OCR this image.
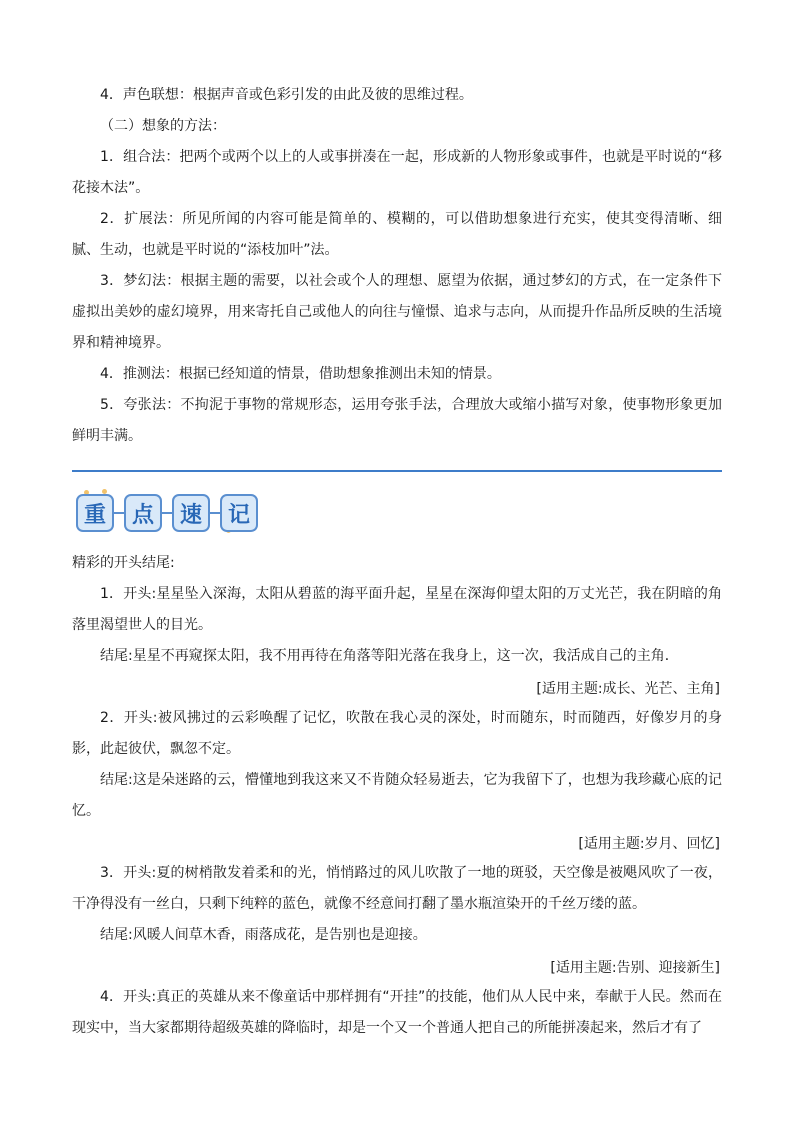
4．声色联想：根据声音或色彩引发的由此及彼的思维过程。

（二）想象的方法：

1．组合法：把两个或两个以上的人或事拼凑在一起，形成新的人物形象或事件，也就是平时说的“移花接木法”。

2．扩展法：所见所闻的内容可能是简单的、模糊的，可以借助想象进行充实，使其变得清晰、细腻、生动，也就是平时说的“添枝加叶”法。

3．梦幻法：根据主题的需要，以社会或个人的理想、愿望为依据，通过梦幻的方式，在一定条件下虚拟出美妙的虚幻境界，用来寄托自己或他人的向往与憧憬、追求与志向，从而提升作品所反映的生活境界和精神境界。

4．推测法：根据已经知道的情景，借助想象推测出未知的情景。

5．夸张法：不拘泥于事物的常规形态，运用夸张手法，合理放大或缩小描写对象，使事物形象更加鲜明丰满。

重	点	速	记

精彩的开头结尾:

1．开头:星星坠入深海，太阳从碧蓝的海平面升起，星星在深海仰望太阳的万丈光芒，我在阴暗的角落里渴望世人的目光。

结尾:星星不再窥探太阳，我不用再待在角落等阳光落在我身上，这一次，我活成自己的主角．

[适用主题:成长、光芒、主角]

2．开头:被风拂过的云彩唤醒了记忆，吹散在我心灵的深处，时而随东，时而随西，好像岁月的身影，此起彼伏，飘忽不定。

结尾:这是朵迷路的云，懵懂地到我这来又不肯随众轻易逝去，它为我留下了，也想为我珍藏心底的记忆。

[适用主题:岁月、回忆]

3．开头:夏的树梢散发着柔和的光，悄悄路过的风儿吹散了一地的斑驳，天空像是被飓风吹了一夜，干净得没有一丝白，只剩下纯粹的蓝色，就像不经意间打翻了墨水瓶渲染开的千丝万缕的蓝。

结尾:风暖人间草木香，雨落成花，是告别也是迎接。

[适用主题:告别、迎接新生]

4．开头:真正的英雄从来不像童话中那样拥有“开挂”的技能，他们从人民中来，奉献于人民。然而在现实中，当大家都期待超级英雄的降临时，却是一个又一个普通人把自己的所能拼凑起来，然后才有了
